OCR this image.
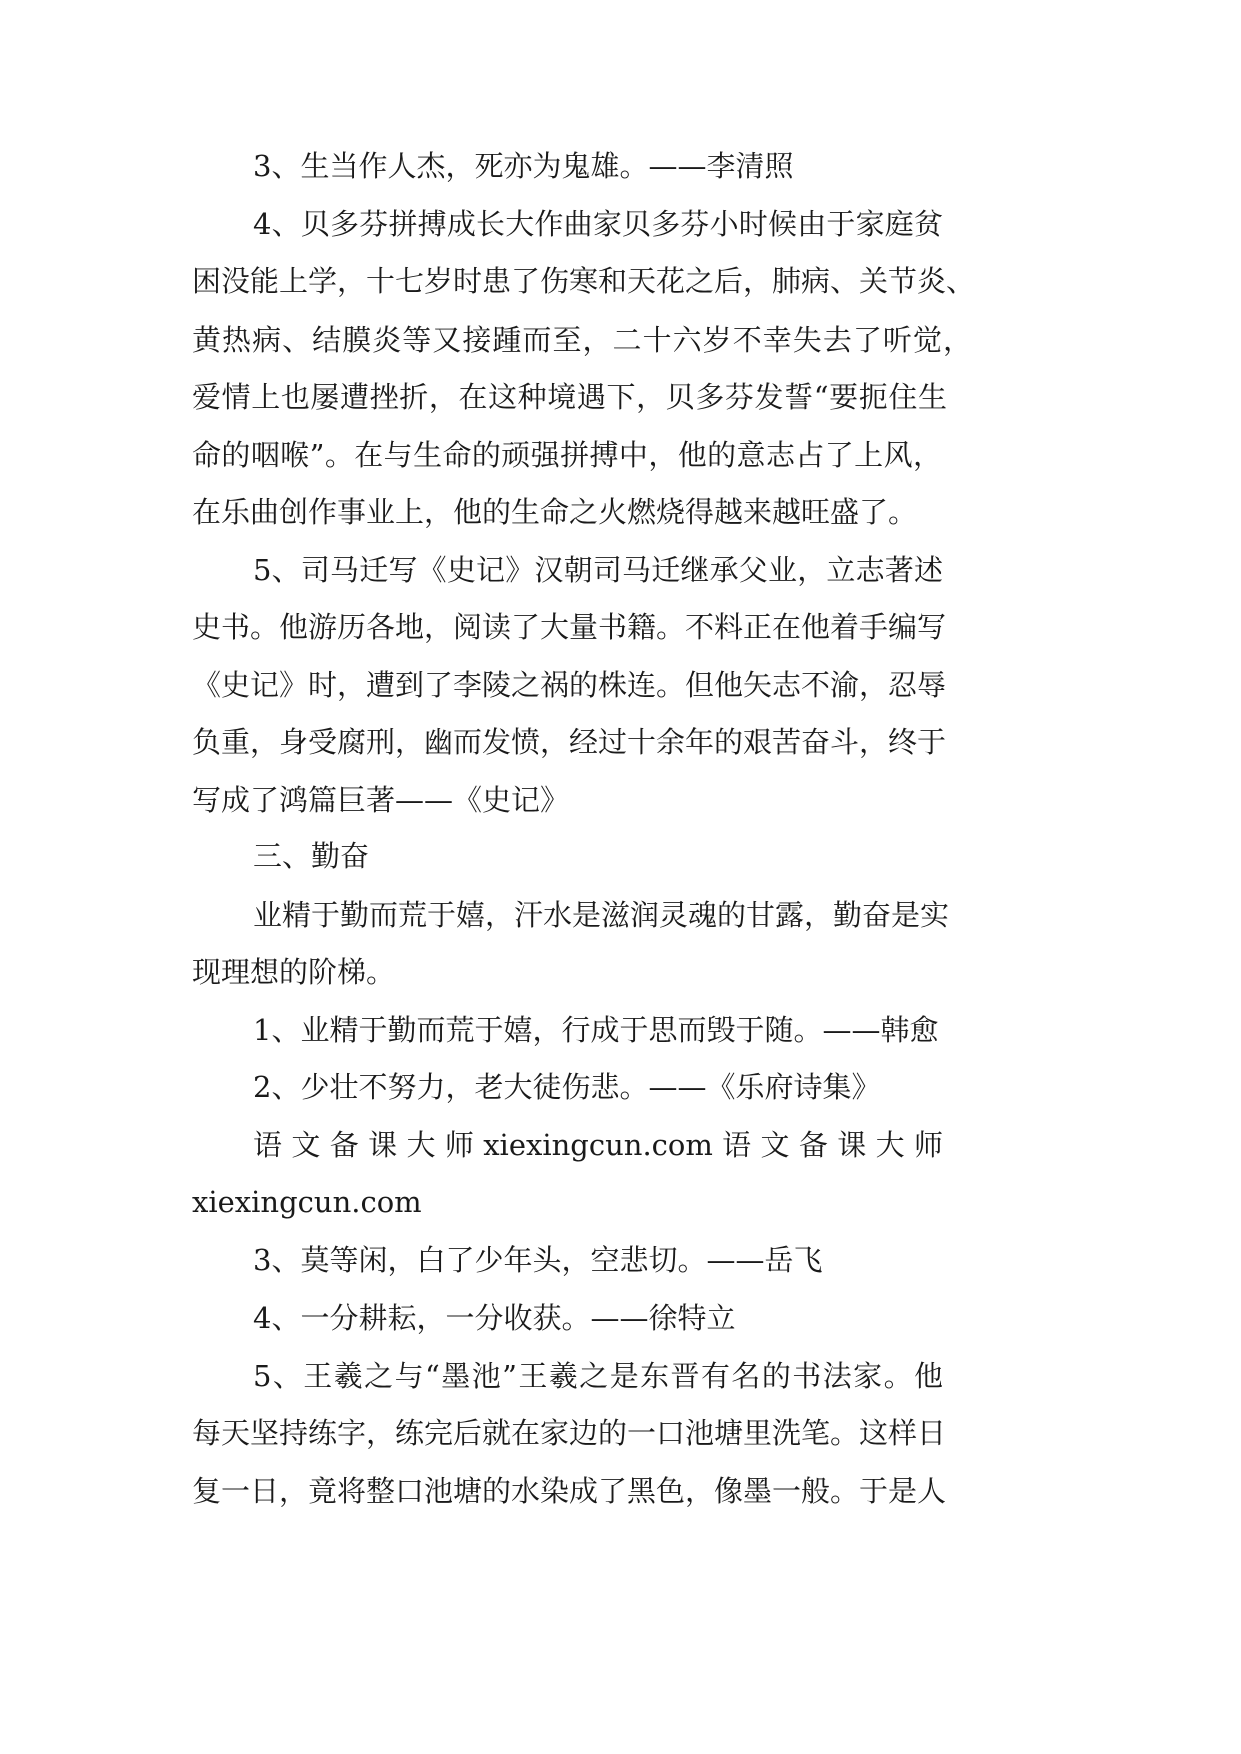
3、生当作人杰，死亦为鬼雄。——李清照
4、贝多芬拼搏成长大作曲家贝多芬小时候由于家庭贫
困没能上学，十七岁时患了伤寒和天花之后，肺病、关节炎、
黄热病、结膜炎等又接踵而至，二十六岁不幸失去了听觉，
爱情上也屡遭挫折，在这种境遇下，贝多芬发誓“要扼住生
命的咽喉”。在与生命的顽强拼搏中，他的意志占了上风，
在乐曲创作事业上，他的生命之火燃烧得越来越旺盛了。
5、司马迁写《史记》汉朝司马迁继承父业，立志著述
史书。他游历各地，阅读了大量书籍。不料正在他着手编写
《史记》时，遭到了李陵之祸的株连。但他矢志不渝，忍辱
负重，身受腐刑，幽而发愤，经过十余年的艰苦奋斗，终于
写成了鸿篇巨著——《史记》
三、勤奋
业精于勤而荒于嬉，汗水是滋润灵魂的甘露，勤奋是实
现理想的阶梯。
1、业精于勤而荒于嬉，行成于思而毁于随。——韩愈
2、少壮不努力，老大徒伤悲。——《乐府诗集》
语 文 备 课 大 师 xiexingcun.com 语 文 备 课 大 师
xiexingcun.com
3、莫等闲，白了少年头，空悲切。——岳飞
4、一分耕耘，一分收获。——徐特立
5、王羲之与“墨池”王羲之是东晋有名的书法家。他
每天坚持练字，练完后就在家边的一口池塘里洗笔。这样日
复一日，竟将整口池塘的水染成了黑色，像墨一般。于是人
